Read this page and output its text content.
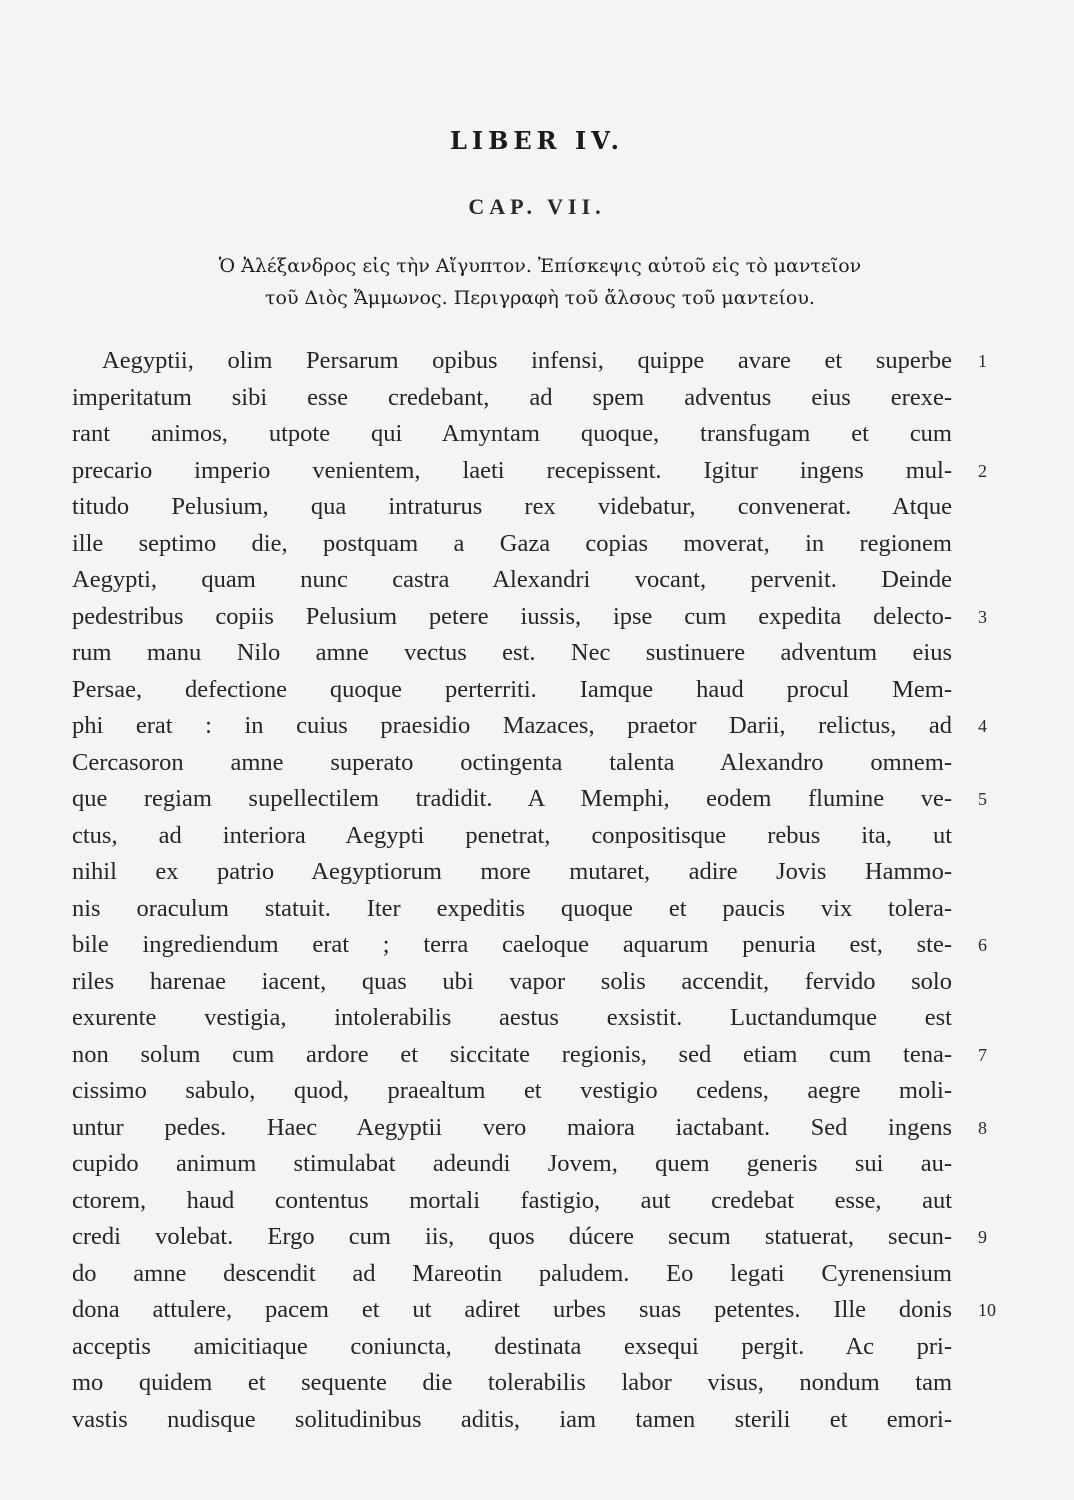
LIBER IV.
CAP. VII.

Ὁ Ἀλέξανδρος εἰς τὴν Αἴγυπτον. Ἐπίσκεψις αὐτοῦ εἰς τὸ μαντεῖον
τοῦ Διὸς Ἄμμωνος. Περιγραφὴ τοῦ ἄλσους τοῦ μαντείου.

Aegyptii, olim Persarum opibus infensi, quippe avare et superbe 1
imperitatum sibi esse credebant, ad spem adventus eius erexe-
rant animos, utpote qui Amyntam quoque, transfugam et cum
precario imperio venientem, laeti recepissent. Igitur ingens mul- 2
titudo Pelusium, qua intraturus rex videbatur, convenerat. Atque
ille septimo die, postquam a Gaza copias moverat, in regionem
Aegypti, quam nunc castra Alexandri vocant, pervenit. Deinde
pedestribus copiis Pelusium petere iussis, ipse cum expedita delecto- 3
rum manu Nilo amne vectus est. Nec sustinuere adventum eius
Persae, defectione quoque perterriti. Iamque haud procul Mem-
phi erat : in cuius praesidio Mazaces, praetor Darii, relictus, ad 4
Cercasoron amne superato octingenta talenta Alexandro omnem-
que regiam supellectilem tradidit. A Memphi, eodem flumine ve- 5
ctus, ad interiora Aegypti penetrat, conpositisque rebus ita, ut
nihil ex patrio Aegyptiorum more mutaret, adire Jovis Hammo-
nis oraculum statuit. Iter expeditis quoque et paucis vix tolera-
bile ingrediendum erat ; terra caeloque aquarum penuria est, ste- 6
riles harenae iacent, quas ubi vapor solis accendit, fervido solo
exurente vestigia, intolerabilis aestus exsistit. Luctandumque est
non solum cum ardore et siccitate regionis, sed etiam cum tena- 7
cissimo sabulo, quod, praealtum et vestigio cedens, aegre moli-
untur pedes. Haec Aegyptii vero maiora iactabant. Sed ingens 8
cupido animum stimulabat adeundi Jovem, quem generis sui au-
ctorem, haud contentus mortali fastigio, aut credebat esse, aut
credi volebat. Ergo cum iis, quos dúcere secum statuerat, secun- 9
do amne descendit ad Mareotin paludem. Eo legati Cyrenensium
dona attulere, pacem et ut adiret urbes suas petentes. Ille donis 10
acceptis amicitiaque coniuncta, destinata exsequi pergit. Ac pri-
mo quidem et sequente die tolerabilis labor visus, nondum tam
vastis nudisque solitudinibus aditis, iam tamen sterili et emori-
